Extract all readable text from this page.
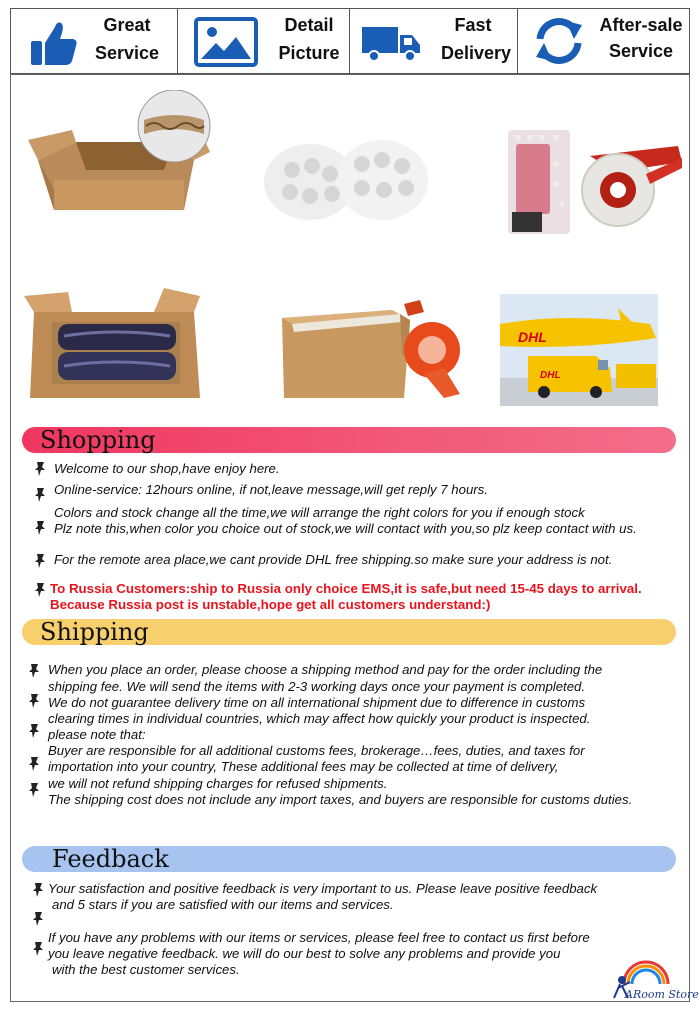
Great
Service
Detail
Picture
Fast
Delivery
After-sale
Service
DHL
DHL
Shopping
Welcome to our shop,have enjoy here.
Online-service: 12hours online, if not,leave message,will get reply 7 hours.
Colors and stock change all the time,we will arrange the right colors for you if enough stock
Plz note this,when color you choice out of stock,we will contact with you,so plz keep contact with us.
For the remote area place,we cant provide DHL free shipping.so make sure your address is not.
To Russia Customers:ship to Russia only choice EMS,it is safe,but need 15-45 days to arrival.
Because Russia post is unstable,hope get all customers understand:)
Shipping
When you place an order, please choose a shipping method and pay for the order including the
shipping fee. We will send the items with 2-3 working days once your payment is completed.
We do not guarantee delivery time on all international shipment due to difference in customs
clearing times in individual countries, which may affect how quickly your product is inspected.
please note that:
Buyer are responsible for all additional customs fees, brokerage…fees, duties, and taxes for
importation into your country, These additional fees may be collected at time of delivery,
we will not refund shipping charges for refused shipments.
The shipping cost does not include any import taxes, and buyers are responsible for customs duties.
Feedback
Your satisfaction and positive feedback is very important to us. Please leave positive feedback
and 5 stars if you are satisfied with our items and services.
If you have any problems with our items or services, please feel free to contact us first before
you leave negative feedback. we will do our best to solve any problems and provide you
with the best customer services.
ARoom Store
